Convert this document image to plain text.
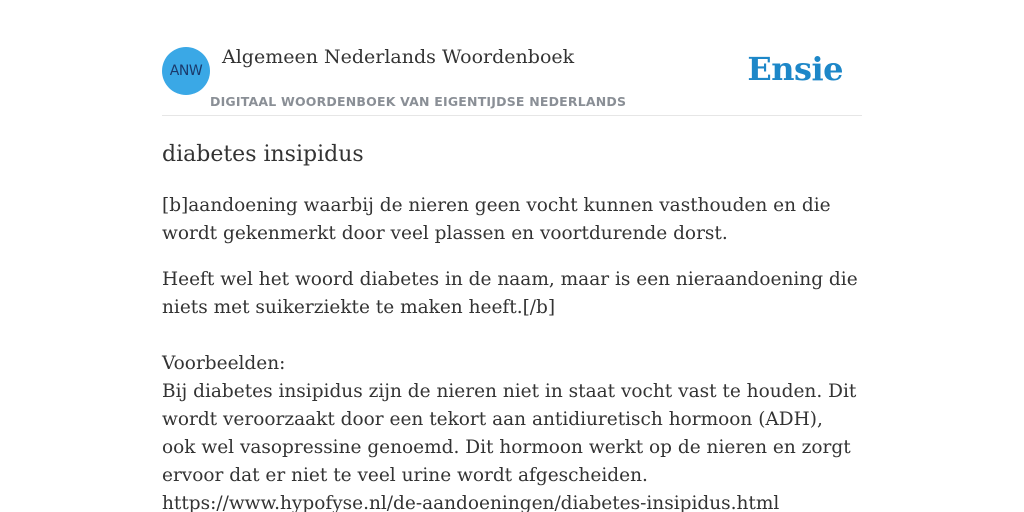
ANW
Algemeen Nederlands Woordenboek
DIGITAAL WOORDENBOEK VAN EIGENTIJDSE NEDERLANDS
Ensie
diabetes insipidus

[b]aandoening waarbij de nieren geen vocht kunnen vasthouden en die wordt gekenmerkt door veel plassen en voortdurende dorst.

Heeft wel het woord diabetes in de naam, maar is een nieraandoening die niets met suikerziekte te maken heeft.[/b]

Voorbeelden:

Bij diabetes insipidus zijn de nieren niet in staat vocht vast te houden. Dit wordt veroorzaakt door een tekort aan antidiuretisch hormoon (ADH), ook wel vasopressine genoemd. Dit hormoon werkt op de nieren en zorgt ervoor dat er niet te veel urine wordt afgescheiden.

https://www.hypofyse.nl/de-aandoeningen/diabetes-insipidus.html
